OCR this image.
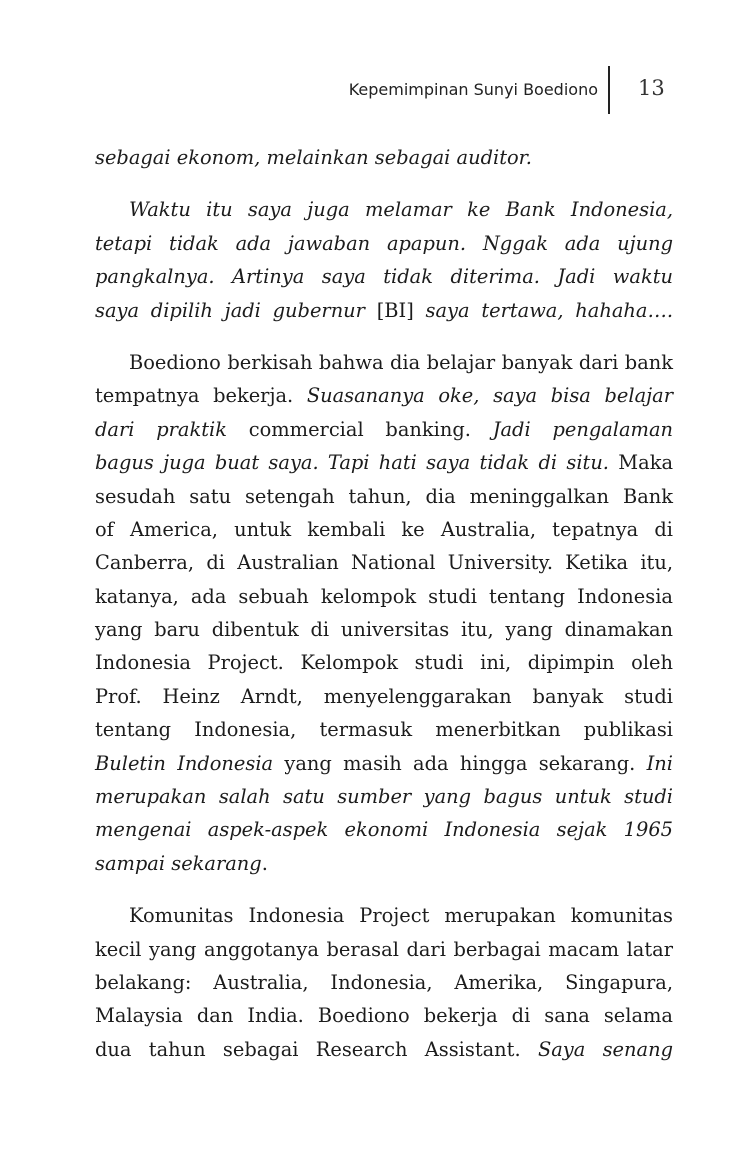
Kepemimpinan Sunyi Boediono 13
sebagai ekonom, melainkan sebagai auditor.
Waktu itu saya juga melamar ke Bank Indonesia,
tetapi tidak ada jawaban apapun. Nggak ada ujung
pangkalnya. Artinya saya tidak diterima. Jadi waktu
saya dipilih jadi gubernur [BI] saya tertawa, hahaha….
Boediono berkisah bahwa dia belajar banyak dari bank
tempatnya bekerja. Suasananya oke, saya bisa belajar
dari praktik commercial banking. Jadi pengalaman
bagus juga buat saya. Tapi hati saya tidak di situ. Maka
sesudah satu setengah tahun, dia meninggalkan Bank
of America, untuk kembali ke Australia, tepatnya di
Canberra, di Australian National University. Ketika itu,
katanya, ada sebuah kelompok studi tentang Indonesia
yang baru dibentuk di universitas itu, yang dinamakan
Indonesia Project. Kelompok studi ini, dipimpin oleh
Prof. Heinz Arndt, menyelenggarakan banyak studi
tentang Indonesia, termasuk menerbitkan publikasi
Buletin Indonesia yang masih ada hingga sekarang. Ini
merupakan salah satu sumber yang bagus untuk studi
mengenai aspek-aspek ekonomi Indonesia sejak 1965
sampai sekarang.
Komunitas Indonesia Project merupakan komunitas
kecil yang anggotanya berasal dari berbagai macam latar
belakang: Australia, Indonesia, Amerika, Singapura,
Malaysia dan India. Boediono bekerja di sana selama
dua tahun sebagai Research Assistant. Saya senang
